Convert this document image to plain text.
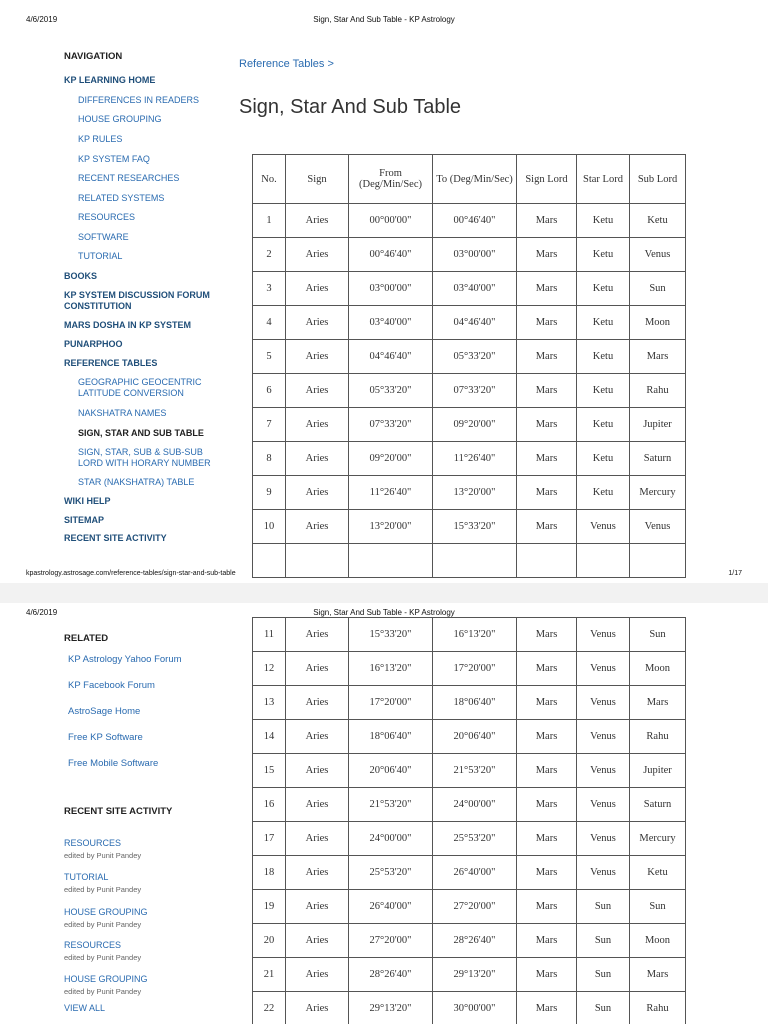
4/6/2019	Sign, Star And Sub Table - KP Astrology
NAVIGATION
KP LEARNING HOME
DIFFERENCES IN READERS
HOUSE GROUPING
KP RULES
KP SYSTEM FAQ
RECENT RESEARCHES
RELATED SYSTEMS
RESOURCES
SOFTWARE
TUTORIAL
BOOKS
KP SYSTEM DISCUSSION FORUM CONSTITUTION
MARS DOSHA IN KP SYSTEM
PUNARPHOO
REFERENCE TABLES
GEOGRAPHIC GEOCENTRIC LATITUDE CONVERSION
NAKSHATRA NAMES
SIGN, STAR AND SUB TABLE
SIGN, STAR, SUB & SUB-SUB LORD WITH HORARY NUMBER
STAR (NAKSHATRA) TABLE
WIKI HELP
SITEMAP
RECENT SITE ACTIVITY
Reference Tables >
Sign, Star And Sub Table
No.	Sign	From (Deg/Min/Sec)	To (Deg/Min/Sec)	Sign Lord	Star Lord	Sub Lord
1	Aries	00°00'00"	00°46'40"	Mars	Ketu	Ketu
2	Aries	00°46'40"	03°00'00"	Mars	Ketu	Venus
3	Aries	03°00'00"	03°40'00"	Mars	Ketu	Sun
4	Aries	03°40'00"	04°46'40"	Mars	Ketu	Moon
5	Aries	04°46'40"	05°33'20"	Mars	Ketu	Mars
6	Aries	05°33'20"	07°33'20"	Mars	Ketu	Rahu
7	Aries	07°33'20"	09°20'00"	Mars	Ketu	Jupiter
8	Aries	09°20'00"	11°26'40"	Mars	Ketu	Saturn
9	Aries	11°26'40"	13°20'00"	Mars	Ketu	Mercury
10	Aries	13°20'00"	15°33'20"	Mars	Venus	Venus

kpastrology.astrosage.com/reference-tables/sign-star-and-sub-table	1/17
4/6/2019	Sign, Star And Sub Table - KP Astrology
11	Aries	15°33'20"	16°13'20"	Mars	Venus	Sun
12	Aries	16°13'20"	17°20'00"	Mars	Venus	Moon
13	Aries	17°20'00"	18°06'40"	Mars	Venus	Mars
14	Aries	18°06'40"	20°06'40"	Mars	Venus	Rahu
15	Aries	20°06'40"	21°53'20"	Mars	Venus	Jupiter
16	Aries	21°53'20"	24°00'00"	Mars	Venus	Saturn
17	Aries	24°00'00"	25°53'20"	Mars	Venus	Mercury
18	Aries	25°53'20"	26°40'00"	Mars	Venus	Ketu
19	Aries	26°40'00"	27°20'00"	Mars	Sun	Sun
20	Aries	27°20'00"	28°26'40"	Mars	Sun	Moon
21	Aries	28°26'40"	29°13'20"	Mars	Sun	Mars
22	Aries	29°13'20"	30°00'00"	Mars	Sun	Rahu

RELATED
KP Astrology Yahoo Forum
KP Facebook Forum
AstroSage Home
Free KP Software
Free Mobile Software
RECENT SITE ACTIVITY
RESOURCES
edited by Punit Pandey
TUTORIAL
edited by Punit Pandey
HOUSE GROUPING
edited by Punit Pandey
RESOURCES
edited by Punit Pandey
HOUSE GROUPING
edited by Punit Pandey
VIEW ALL
